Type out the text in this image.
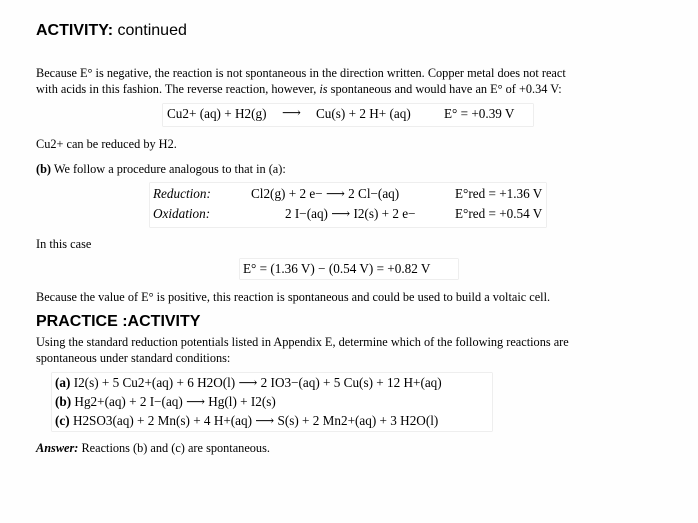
ACTIVITY: continued
Because E° is negative, the reaction is not spontaneous in the direction written. Copper metal does not react
with acids in this fashion. The reverse reaction, however, is spontaneous and would have an E° of +0.34 V:
Cu2+ (aq) + H2(g) ⟶ Cu(s) + 2 H+ (aq)	E° = +0.39 V
Cu2+ can be reduced by H2.
(b) We follow a procedure analogous to that in (a):
Reduction:	Cl2(g) + 2 e− ⟶ 2 Cl−(aq)	E°red = +1.36 V
Oxidation:	2 I−(aq) ⟶ I2(s) + 2 e−	E°red = +0.54 V
In this case
E° = (1.36 V) − (0.54 V) = +0.82 V
Because the value of E° is positive, this reaction is spontaneous and could be used to build a voltaic cell.
PRACTICE :ACTIVITY
Using the standard reduction potentials listed in Appendix E, determine which of the following reactions are
spontaneous under standard conditions:
(a) I2(s) + 5 Cu2+(aq) + 6 H2O(l) ⟶ 2 IO3−(aq) + 5 Cu(s) + 12 H+(aq)
(b) Hg2+(aq) + 2 I−(aq) ⟶ Hg(l) + I2(s)
(c) H2SO3(aq) + 2 Mn(s) + 4 H+(aq) ⟶ S(s) + 2 Mn2+(aq) + 3 H2O(l)
Answer: Reactions (b) and (c) are spontaneous.
